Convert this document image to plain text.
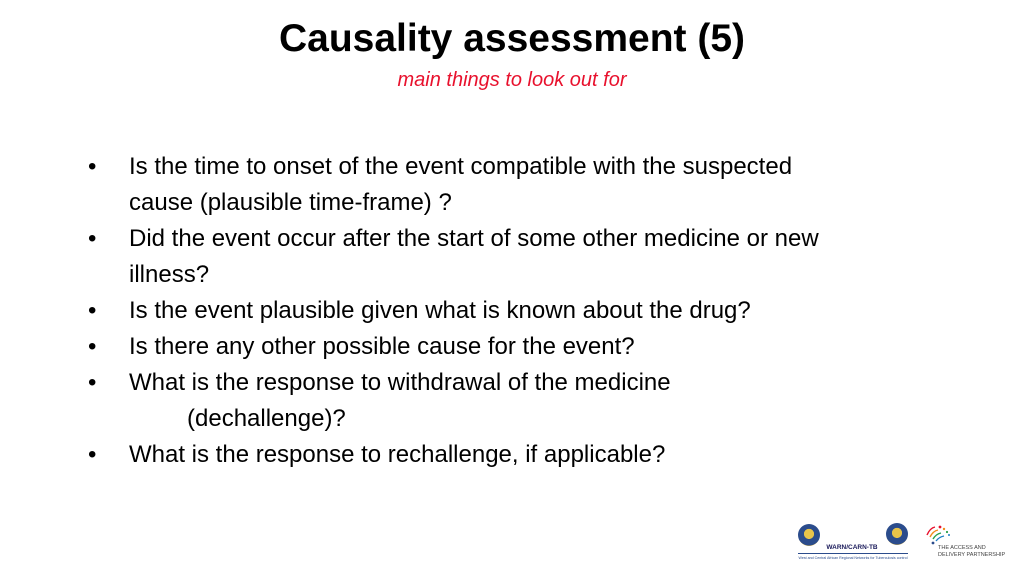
Causality assessment (5)

main things to look out for

•	Is the time to onset of the event compatible with the suspected
cause (plausible time-frame) ?
•	Did the event occur after the start of some other medicine or new
illness?
•	Is the event plausible given what is known about the drug?
•	Is there any other possible cause for the event?
•	What is the response to withdrawal of the medicine
(dechallenge)?
•	What is the response to rechallenge, if applicable?
WARN/CARN-TB
West and Central African Regional Networks for Tuberculosis control
THE ACCESS AND
DELIVERY PARTNERSHIP
